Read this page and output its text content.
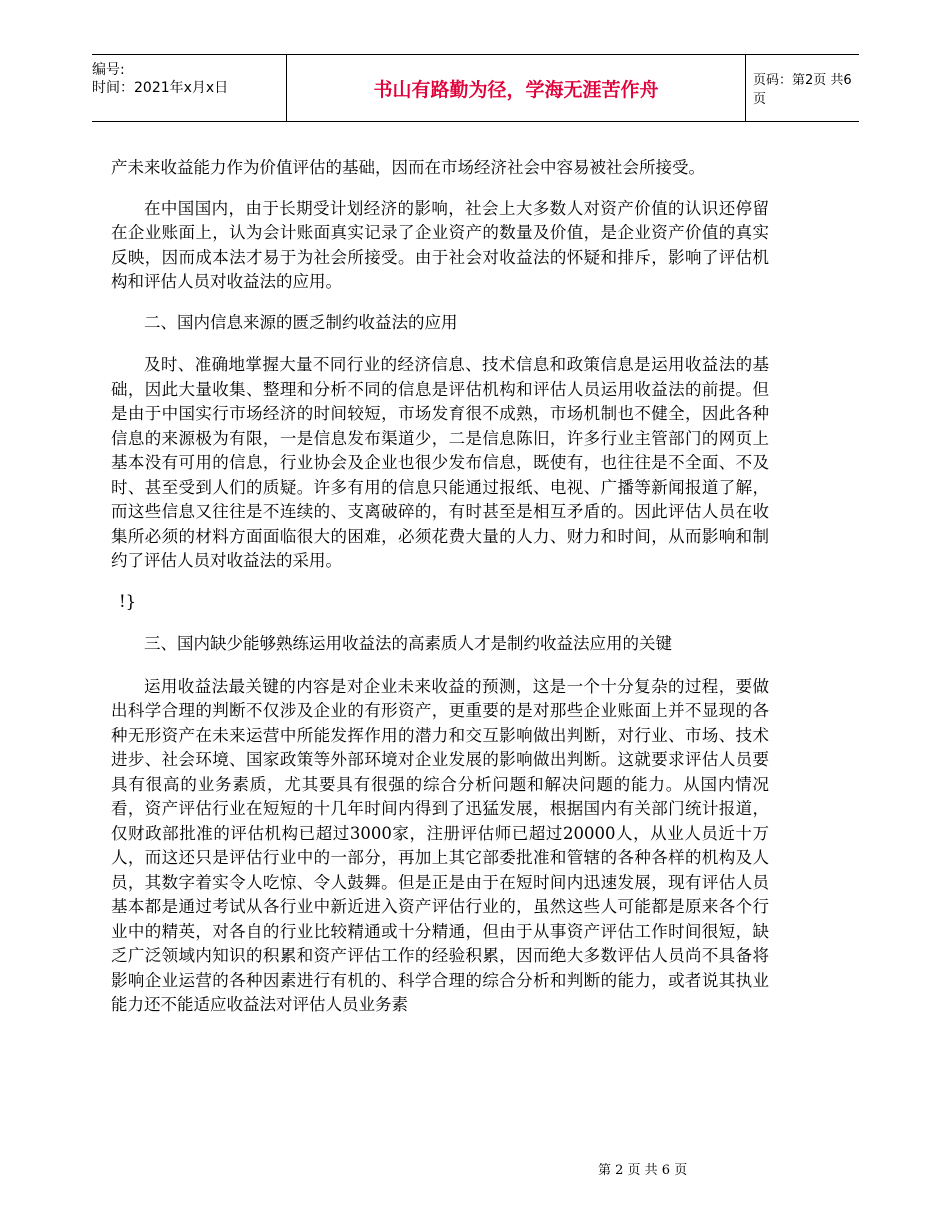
编号:
时间：2021年x月x日	书山有路勤为径，学海无涯苦作舟	页码：第2页 共6页

产未来收益能力作为价值评估的基础，因而在市场经济社会中容易被社会所接受。

在中国国内，由于长期受计划经济的影响，社会上大多数人对资产价值的认识还停留在企业账面上，认为会计账面真实记录了企业资产的数量及价值，是企业资产价值的真实反映，因而成本法才易于为社会所接受。由于社会对收益法的怀疑和排斥，影响了评估机构和评估人员对收益法的应用。

二、国内信息来源的匮乏制约收益法的应用

及时、准确地掌握大量不同行业的经济信息、技术信息和政策信息是运用收益法的基础，因此大量收集、整理和分析不同的信息是评估机构和评估人员运用收益法的前提。但是由于中国实行市场经济的时间较短，市场发育很不成熟，市场机制也不健全，因此各种信息的来源极为有限，一是信息发布渠道少，二是信息陈旧，许多行业主管部门的网页上基本没有可用的信息，行业协会及企业也很少发布信息，既使有，也往往是不全面、不及时、甚至受到人们的质疑。许多有用的信息只能通过报纸、电视、广播等新闻报道了解，而这些信息又往往是不连续的、支离破碎的，有时甚至是相互矛盾的。因此评估人员在收集所必须的材料方面面临很大的困难，必须花费大量的人力、财力和时间，从而影响和制约了评估人员对收益法的采用。

!}

三、国内缺少能够熟练运用收益法的高素质人才是制约收益法应用的关键

运用收益法最关键的内容是对企业未来收益的预测，这是一个十分复杂的过程，要做出科学合理的判断不仅涉及企业的有形资产，更重要的是对那些企业账面上并不显现的各种无形资产在未来运营中所能发挥作用的潜力和交互影响做出判断，对行业、市场、技术进步、社会环境、国家政策等外部环境对企业发展的影响做出判断。这就要求评估人员要具有很高的业务素质，尤其要具有很强的综合分析问题和解决问题的能力。从国内情况看，资产评估行业在短短的十几年时间内得到了迅猛发展，根据国内有关部门统计报道，仅财政部批准的评估机构已超过3000家，注册评估师已超过20000人，从业人员近十万人，而这还只是评估行业中的一部分，再加上其它部委批准和管辖的各种各样的机构及人员，其数字着实令人吃惊、令人鼓舞。但是正是由于在短时间内迅速发展，现有评估人员基本都是通过考试从各行业中新近进入资产评估行业的，虽然这些人可能都是原来各个行业中的精英，对各自的行业比较精通或十分精通，但由于从事资产评估工作时间很短，缺乏广泛领域内知识的积累和资产评估工作的经验积累，因而绝大多数评估人员尚不具备将影响企业运营的各种因素进行有机的、科学合理的综合分析和判断的能力，或者说其执业能力还不能适应收益法对评估人员业务素

第 2 页 共 6 页
